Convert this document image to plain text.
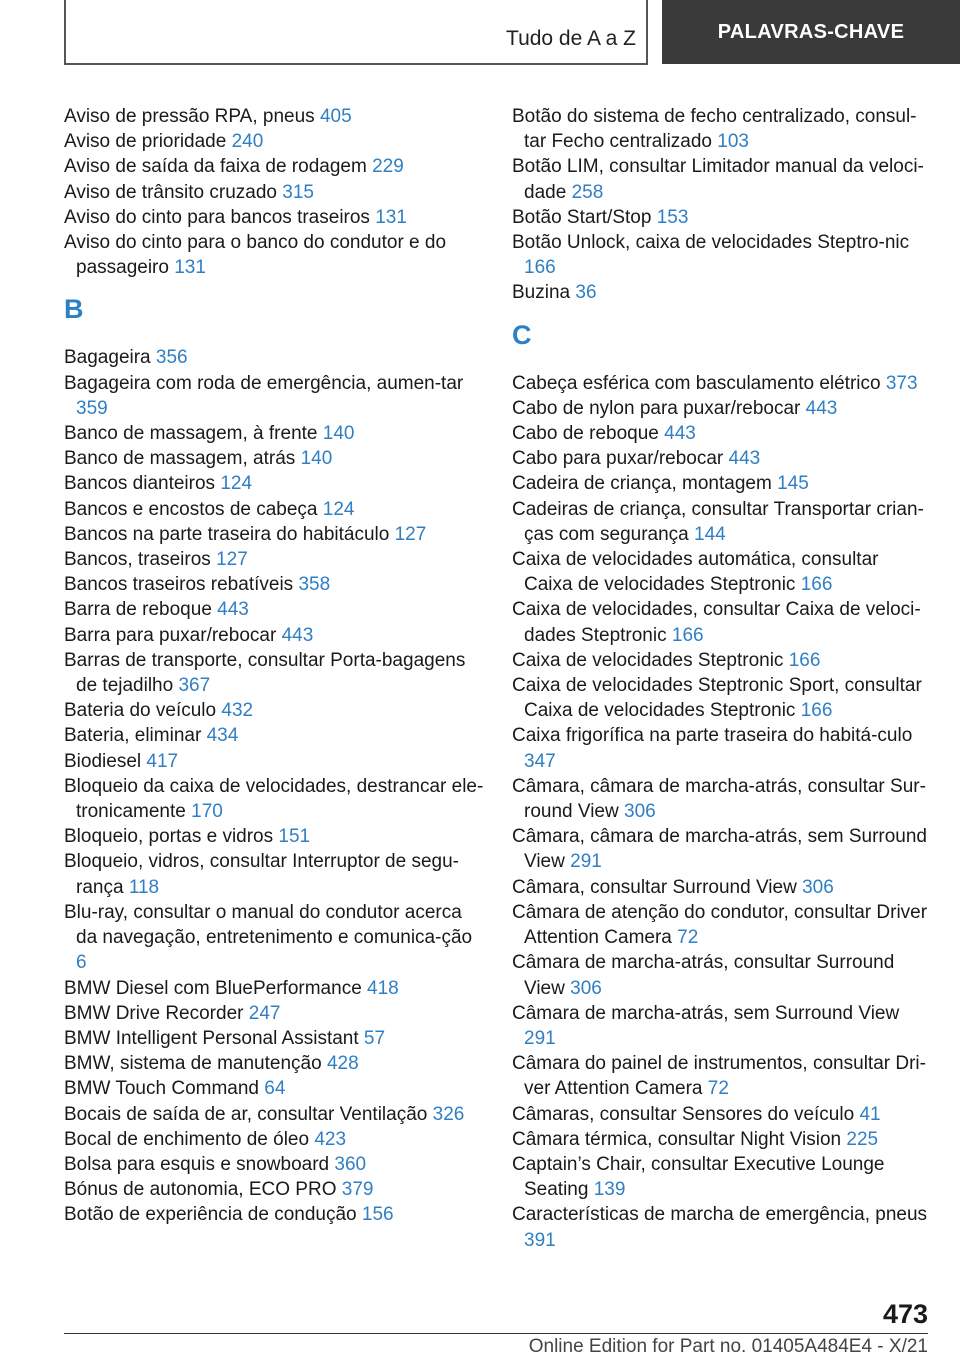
Tudo de A a Z	PALAVRAS-CHAVE
Aviso de pressão RPA, pneus 405
Aviso de prioridade 240
Aviso de saída da faixa de rodagem 229
Aviso de trânsito cruzado 315
Aviso do cinto para bancos traseiros 131
Aviso do cinto para o banco do condutor e do passageiro 131
B
Bagageira 356
Bagageira com roda de emergência, aumen‐tar 359
Banco de massagem, à frente 140
Banco de massagem, atrás 140
Bancos dianteiros 124
Bancos e encostos de cabeça 124
Bancos na parte traseira do habitáculo 127
Bancos, traseiros 127
Bancos traseiros rebatíveis 358
Barra de reboque 443
Barra para puxar/rebocar 443
Barras de transporte, consultar Porta-bagagens de tejadilho 367
Bateria do veículo 432
Bateria, eliminar 434
Biodiesel 417
Bloqueio da caixa de velocidades, destrancar ele‐tronicamente 170
Bloqueio, portas e vidros 151
Bloqueio, vidros, consultar Interruptor de segu‐rança 118
Blu-ray, consultar o manual do condutor acerca da navegação, entretenimento e comunica‐ção 6
BMW Diesel com BluePerformance 418
BMW Drive Recorder 247
BMW Intelligent Personal Assistant 57
BMW, sistema de manutenção 428
BMW Touch Command 64
Bocais de saída de ar, consultar Ventilação 326
Bocal de enchimento de óleo 423
Bolsa para esquis e snowboard 360
Bónus de autonomia, ECO PRO 379
Botão de experiência de condução 156
Botão do sistema de fecho centralizado, consul‐tar Fecho centralizado 103
Botão LIM, consultar Limitador manual da veloci‐dade 258
Botão Start/Stop 153
Botão Unlock, caixa de velocidades Steptro‐nic 166
Buzina 36
C
Cabeça esférica com basculamento elétrico 373
Cabo de nylon para puxar/rebocar 443
Cabo de reboque 443
Cabo para puxar/rebocar 443
Cadeira de criança, montagem 145
Cadeiras de criança, consultar Transportar crian‐ças com segurança 144
Caixa de velocidades automática, consultar Caixa de velocidades Steptronic 166
Caixa de velocidades, consultar Caixa de veloci‐dades Steptronic 166
Caixa de velocidades Steptronic 166
Caixa de velocidades Steptronic Sport, consultar Caixa de velocidades Steptronic 166
Caixa frigorífica na parte traseira do habitá‐culo 347
Câmara, câmara de marcha-atrás, consultar Sur‐round View 306
Câmara, câmara de marcha-atrás, sem Surround View 291
Câmara, consultar Surround View 306
Câmara de atenção do condutor, consultar Driver Attention Camera 72
Câmara de marcha-atrás, consultar Surround View 306
Câmara de marcha-atrás, sem Surround View 291
Câmara do painel de instrumentos, consultar Dri‐ver Attention Camera 72
Câmaras, consultar Sensores do veículo 41
Câmara térmica, consultar Night Vision 225
Captain’s Chair, consultar Executive Lounge Seating 139
Características de marcha de emergência, pneus 391
473
Online Edition for Part no. 01405A484E4 - X/21
